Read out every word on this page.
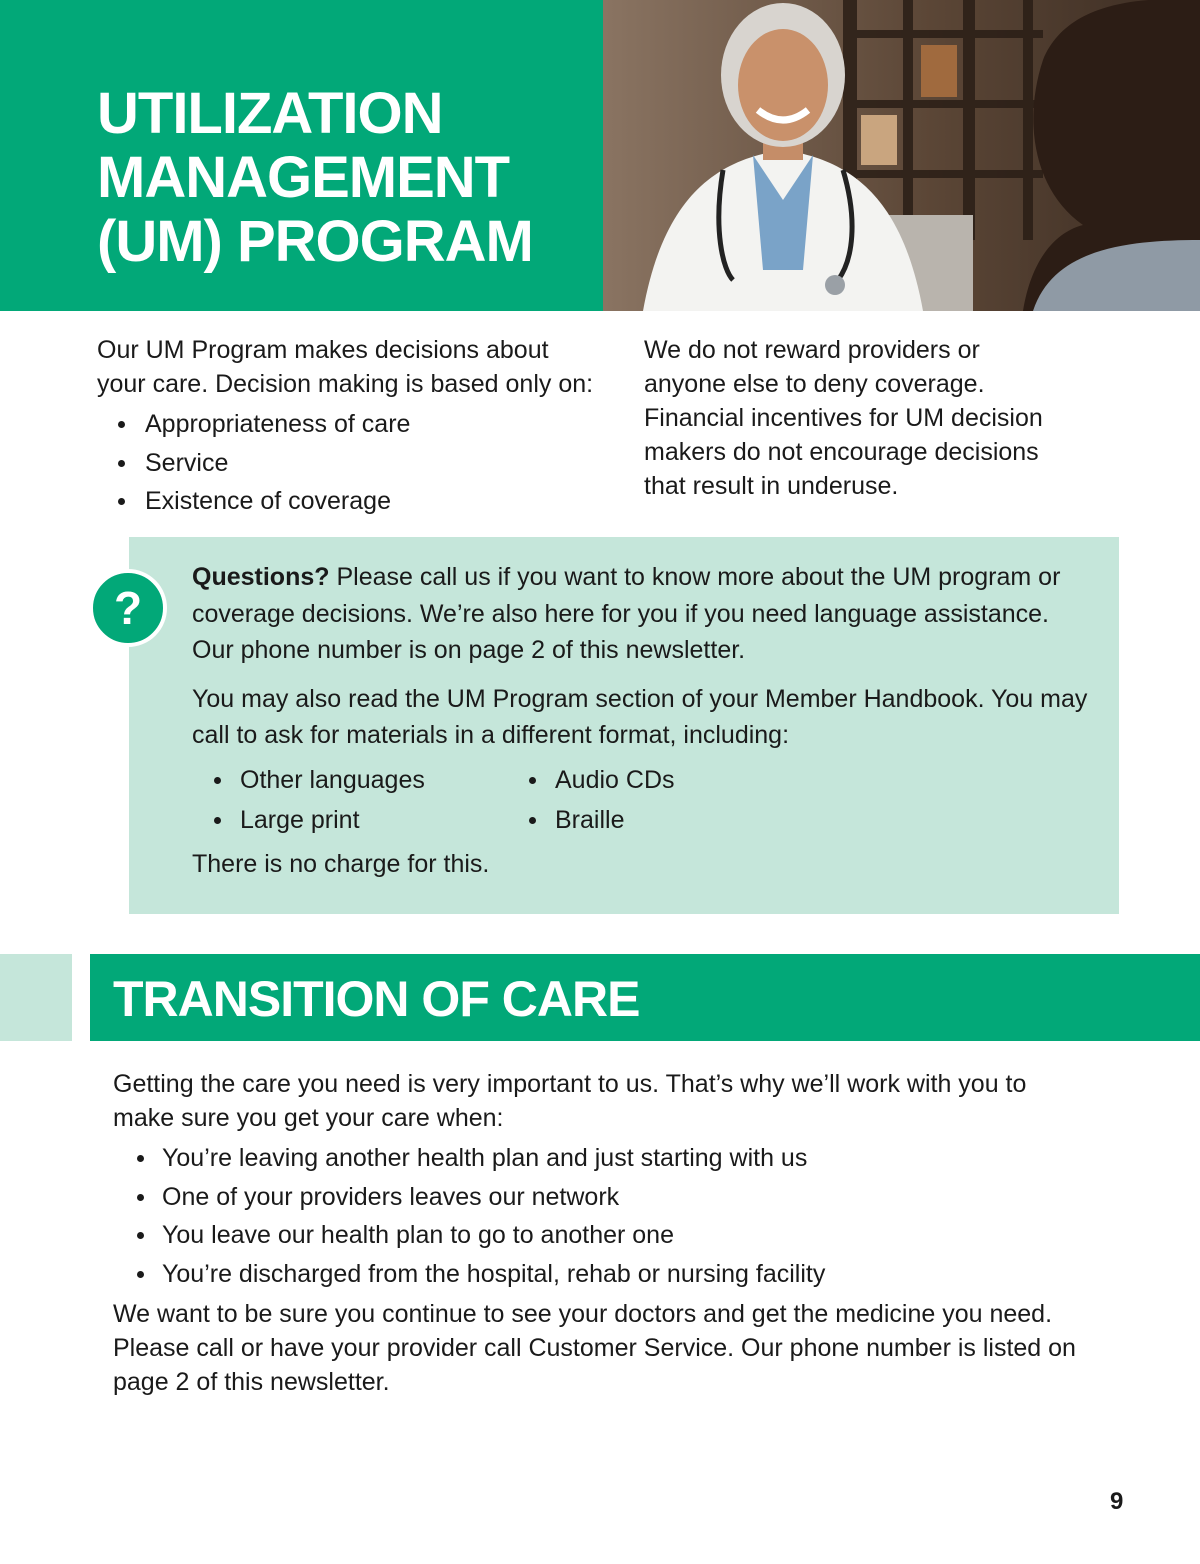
UTILIZATION
MANAGEMENT
(UM) PROGRAM

Our UM Program makes decisions about your care. Decision making is based only on:

Appropriateness of care
Service
Existence of coverage

We do not reward providers or anyone else to deny coverage. Financial incentives for UM decision makers do not encourage decisions that result in underuse.

?

Questions? Please call us if you want to know more about the UM program or coverage decisions. We’re also here for you if you need language assistance. Our phone number is on page 2 of this newsletter.

You may also read the UM Program section of your Member Handbook. You may call to ask for materials in a different format, including:

Other languages
Large print
Audio CDs
Braille

There is no charge for this.

TRANSITION OF CARE

Getting the care you need is very important to us. That’s why we’ll work with you to make sure you get your care when:

You’re leaving another health plan and just starting with us
One of your providers leaves our network
You leave our health plan to go to another one
You’re discharged from the hospital, rehab or nursing facility

We want to be sure you continue to see your doctors and get the medicine you need. Please call or have your provider call Customer Service. Our phone number is listed on page 2 of this newsletter.

9
